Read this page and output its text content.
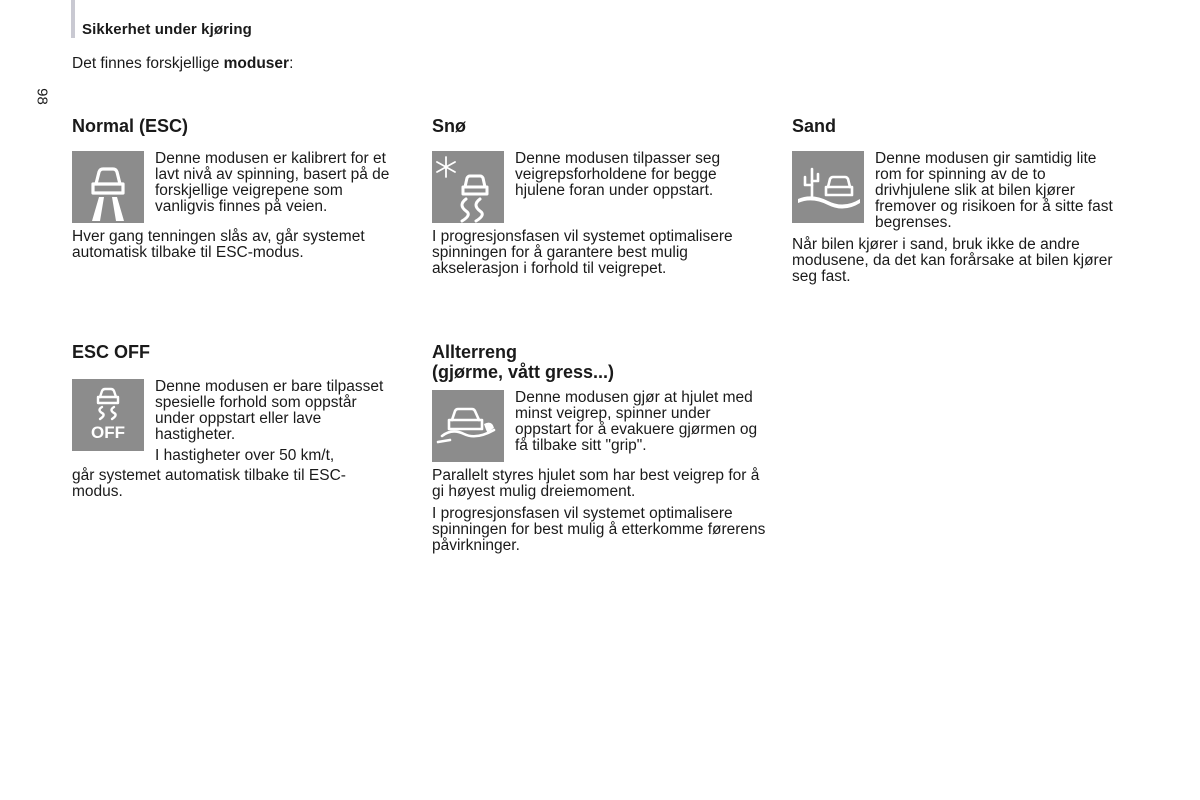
Sikkerhet under kjøring
98
Det finnes forskjellige moduser:
Normal (ESC)
Denne modusen er kalibrert for et lavt nivå av spinning, basert på de forskjellige veigrepene som vanligvis finnes på veien.
Hver gang tenningen slås av, går systemet automatisk tilbake til ESC-modus.
Snø
Denne modusen tilpasser seg veigrepsforholdene for begge hjulene foran under oppstart.
I progresjonsfasen vil systemet optimalisere spinningen for å garantere best mulig akselerasjon i forhold til veigrepet.
Sand
Denne modusen gir samtidig lite rom for spinning av de to drivhjulene slik at bilen kjører fremover og risikoen for å sitte fast begrenses.
Når bilen kjører i sand, bruk ikke de andre modusene, da det kan forårsake at bilen kjører seg fast.
ESC OFF
OFF

Denne modusen er bare tilpasset spesielle forhold som oppstår under oppstart eller lave hastigheter.

I hastigheter over 50 km/t,

går systemet automatisk tilbake til ESC-modus.
Allterreng
(gjørme, vått gress...)
Denne modusen gjør at hjulet med minst veigrep, spinner under oppstart for å evakuere gjørmen og få tilbake sitt "grip".
Parallelt styres hjulet som har best veigrep for å gi høyest mulig dreiemoment.
I progresjonsfasen vil systemet optimalisere spinningen for best mulig å etterkomme førerens påvirkninger.
